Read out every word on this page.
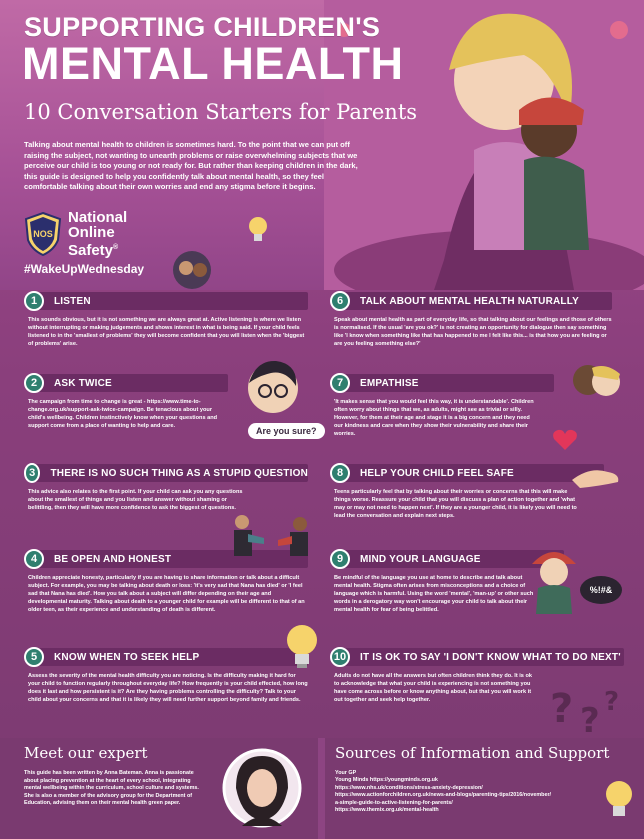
SUPPORTING CHILDREN'S
MENTAL HEALTH
10 Conversation Starters for Parents
Talking about mental health to children is sometimes hard. To the point that we can put off raising the subject, not wanting to unearth problems or raise overwhelming subjects that we perceive our child is too young or not ready for. But rather than keeping children in the dark, this guide is designed to help you confidently talk about mental health, so they feel comfortable talking about their own worries and end any stigma before it begins.
NOS
National
Online
Safety®
#WakeUpWednesday
1	LISTEN
This sounds obvious, but it is not something we are always great at. Active listening is where we listen without interrupting or making judgements and shows interest in what is being said. If your child feels listened to in the 'smallest of problems' they will become confident that you will listen when the 'biggest of problems' arise.
2	ASK TWICE
The campaign from time to change is great - https://www.time-to-change.org.uk/support-ask-twice-campaign. Be tenacious about your child's wellbeing. Children instinctively know when your questions and support come from a place of wanting to help and care.	Are you sure?
3	THERE IS NO SUCH THING AS A STUPID QUESTION
This advice also relates to the first point. If your child can ask you any questions about the smallest of things and you listen and answer without shaming or belittling, then they will have more confidence to ask the biggest of questions.
4	BE OPEN AND HONEST
Children appreciate honesty, particularly if you are having to share information or talk about a difficult subject. For example, you may be talking about death or loss: 'it's very sad that Nana has died' or 'I feel sad that Nana has died'. How you talk about a subject will differ depending on their age and developmental maturity. Talking about death to a younger child for example will be different to that of an older teen, as their experience and understanding of death is different.
5	KNOW WHEN TO SEEK HELP
Assess the severity of the mental health difficulty you are noticing. Is the difficulty making it hard for your child to function regularly throughout everyday life? How frequently is your child effected, how long does it last and how persistent is it? Are they having problems controlling the difficulty? Talk to your child about your concerns and that it is likely they will need further support beyond family and friends.
6	TALK ABOUT MENTAL HEALTH NATURALLY
Speak about mental health as part of everyday life, so that talking about our feelings and those of others is normalised. If the usual 'are you ok?' is not creating an opportunity for dialogue then say something like 'I know when something like that has happened to me I felt like this... is that how you are feeling or are you feeling something else?'
7	EMPATHISE
'It makes sense that you would feel this way, it is understandable'. Children often worry about things that we, as adults, might see as trivial or silly. However, for them at their age and stage it is a big concern and they need our kindness and care when they show their vulnerability and share their worries.
8	HELP YOUR CHILD FEEL SAFE
Teens particularly feel that by talking about their worries or concerns that this will make things worse. Reassure your child that you will discuss a plan of action together and 'what may or may not need to happen next'. If they are a younger child, it is likely you will need to lead the conversation and explain next steps.
9	MIND YOUR LANGUAGE
Be mindful of the language you use at home to describe and talk about mental health. Stigma often arises from misconceptions and a choice of language which is harmful. Using the word 'mental', 'man-up' or other such words in a derogatory way won't encourage your child to talk about their mental health for fear of being belittled.
%!#&
10	IT IS OK TO SAY 'I DON'T KNOW WHAT TO DO NEXT'
Adults do not have all the answers but often children think they do. It is ok to acknowledge that what your child is experiencing is not something you have come across before or know anything about, but that you will work it out together and seek help together.	? ? ?
Meet our expert
This guide has been written by Anna Bateman. Anna is passionate about placing prevention at the heart of every school, integrating mental wellbeing within the curriculum, school culture and systems. She is also a member of the advisory group for the Department of Education, advising them on their mental health green paper.
Sources of Information and Support
Your GP
Young Minds https://youngminds.org.uk
https://www.nhs.uk/conditions/stress-anxiety-depression/
https://www.actionforchildren.org.uk/news-and-blogs/parenting-tips/2016/november/
a-simple-guide-to-active-listening-for-parents/
https://www.themix.org.uk/mental-health
